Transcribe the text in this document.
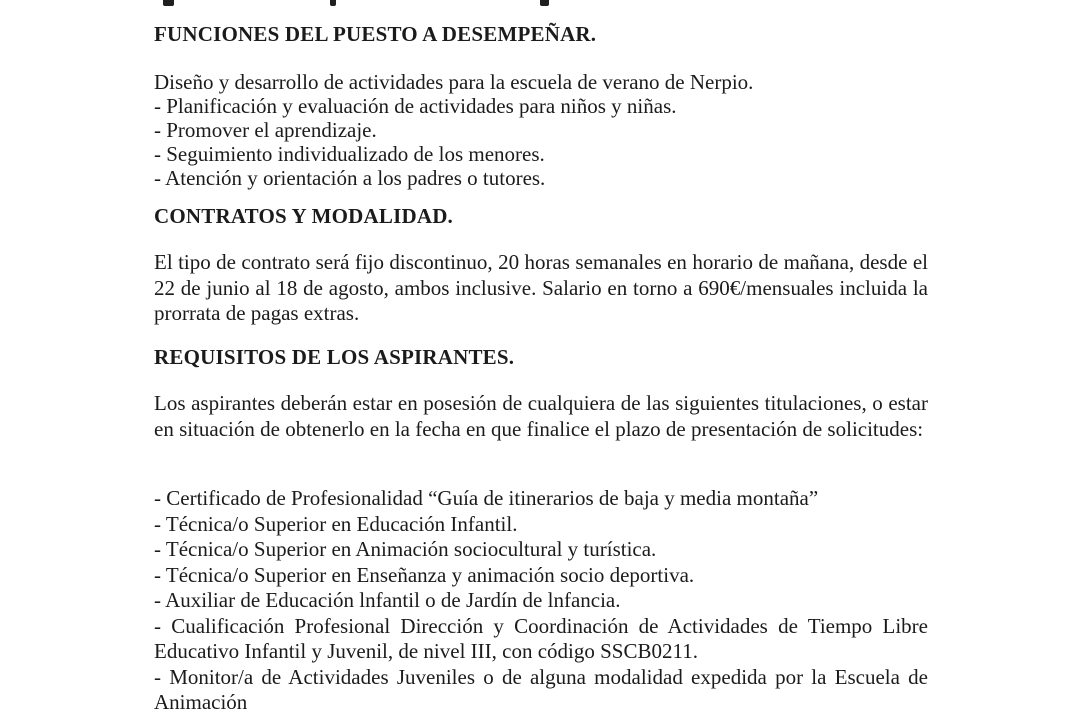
FUNCIONES DEL PUESTO A DESEMPEÑAR.
Diseño y desarrollo de actividades para la escuela de verano de Nerpio.
- Planificación y evaluación de actividades para niños y niñas.
- Promover el aprendizaje.
- Seguimiento individualizado de los menores.
- Atención y orientación a los padres o tutores.
CONTRATOS Y MODALIDAD.

El tipo de contrato será fijo discontinuo, 20 horas semanales en horario de mañana, desde el 22 de junio al 18 de agosto, ambos inclusive. Salario en torno a 690€/mensuales incluida la prorrata de pagas extras.

REQUISITOS DE LOS ASPIRANTES.

Los aspirantes deberán estar en posesión de cualquiera de las siguientes titulaciones, o estar en situación de obtenerlo en la fecha en que finalice el plazo de presentación de solicitudes:

- Certificado de Profesionalidad “Guía de itinerarios de baja y media montaña”
- Técnica/o Superior en Educación Infantil.
- Técnica/o Superior en Animación sociocultural y turística.
- Técnica/o Superior en Enseñanza y animación socio deportiva.
- Auxiliar de Educación lnfantil o de Jardín de lnfancia.
- Cualificación Profesional Dirección y Coordinación de Actividades de Tiempo Libre Educativo Infantil y Juvenil, de nivel III, con código SSCB0211.
- Monitor/a de Actividades Juveniles o de alguna modalidad expedida por la Escuela de Animación
